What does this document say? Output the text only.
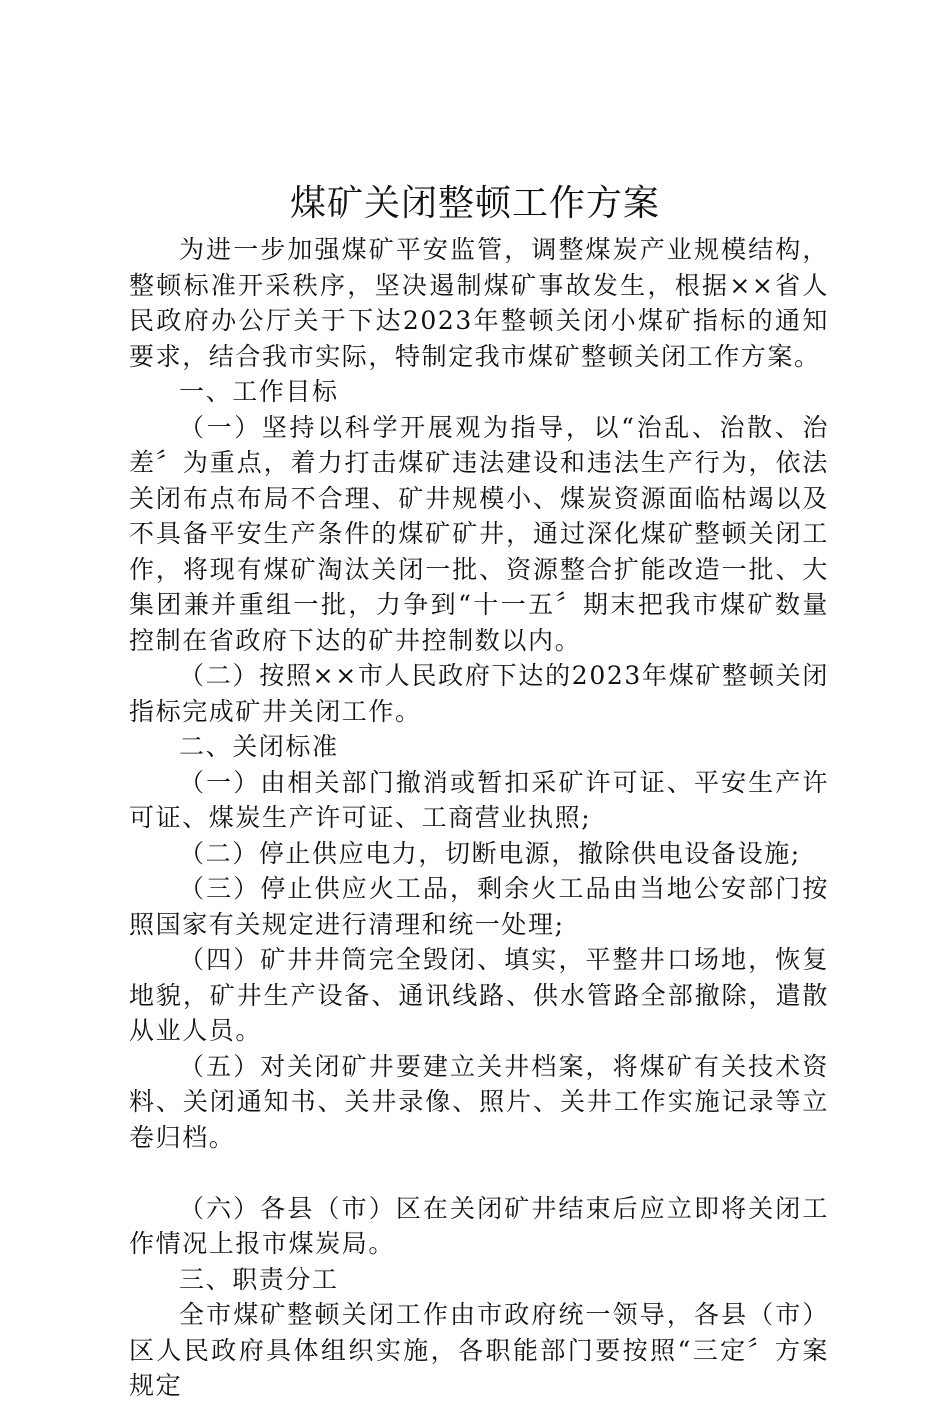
煤矿关闭整顿工作方案

为进一步加强煤矿平安监管，调整煤炭产业规模结构，整顿标准开采秩序，坚决遏制煤矿事故发生，根据××省人民政府办公厅关于下达2023年整顿关闭小煤矿指标的通知要求，结合我市实际，特制定我市煤矿整顿关闭工作方案。

一、工作目标

（一）坚持以科学开展观为指导，以“治乱、治散、治差〞为重点，着力打击煤矿违法建设和违法生产行为，依法关闭布点布局不合理、矿井规模小、煤炭资源面临枯竭以及不具备平安生产条件的煤矿矿井，通过深化煤矿整顿关闭工作，将现有煤矿淘汰关闭一批、资源整合扩能改造一批、大集团兼并重组一批，力争到“十一五〞期末把我市煤矿数量控制在省政府下达的矿井控制数以内。

（二）按照××市人民政府下达的2023年煤矿整顿关闭指标完成矿井关闭工作。

二、关闭标准

（一）由相关部门撤消或暂扣采矿许可证、平安生产许可证、煤炭生产许可证、工商营业执照;

（二）停止供应电力，切断电源，撤除供电设备设施;

（三）停止供应火工品，剩余火工品由当地公安部门按照国家有关规定进行清理和统一处理;

（四）矿井井筒完全毁闭、填实，平整井口场地，恢复地貌，矿井生产设备、通讯线路、供水管路全部撤除，遣散从业人员。

（五）对关闭矿井要建立关井档案，将煤矿有关技术资料、关闭通知书、关井录像、照片、关井工作实施记录等立卷归档。

（六）各县（市）区在关闭矿井结束后应立即将关闭工作情况上报市煤炭局。

三、职责分工

全市煤矿整顿关闭工作由市政府统一领导，各县（市）区人民政府具体组织实施，各职能部门要按照“三定〞方案规定
